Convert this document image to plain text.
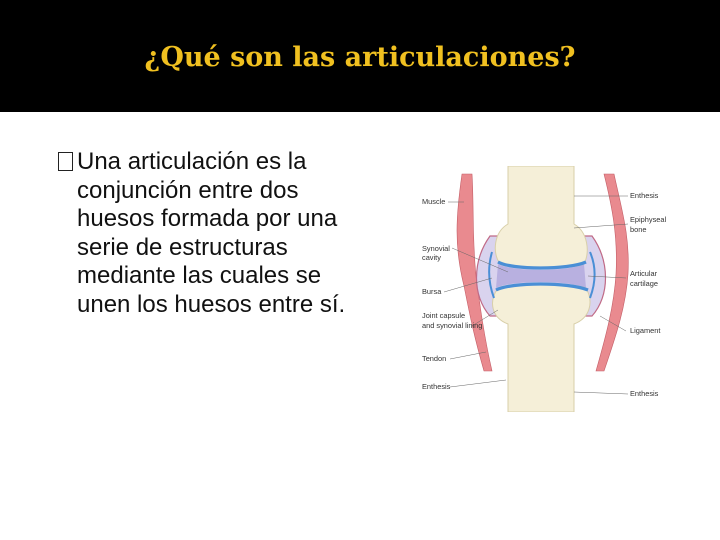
¿Qué son las articulaciones?

Una articulación es la conjunción entre dos huesos formada por una serie de estructuras mediante las cuales se unen los huesos entre sí.

Muscle
Synovial
cavity
Bursa
Joint capsule
and synovial lining
Tendon
Enthesis
Enthesis
Epiphyseal
bone
Articular
cartilage
Ligament
Enthesis
